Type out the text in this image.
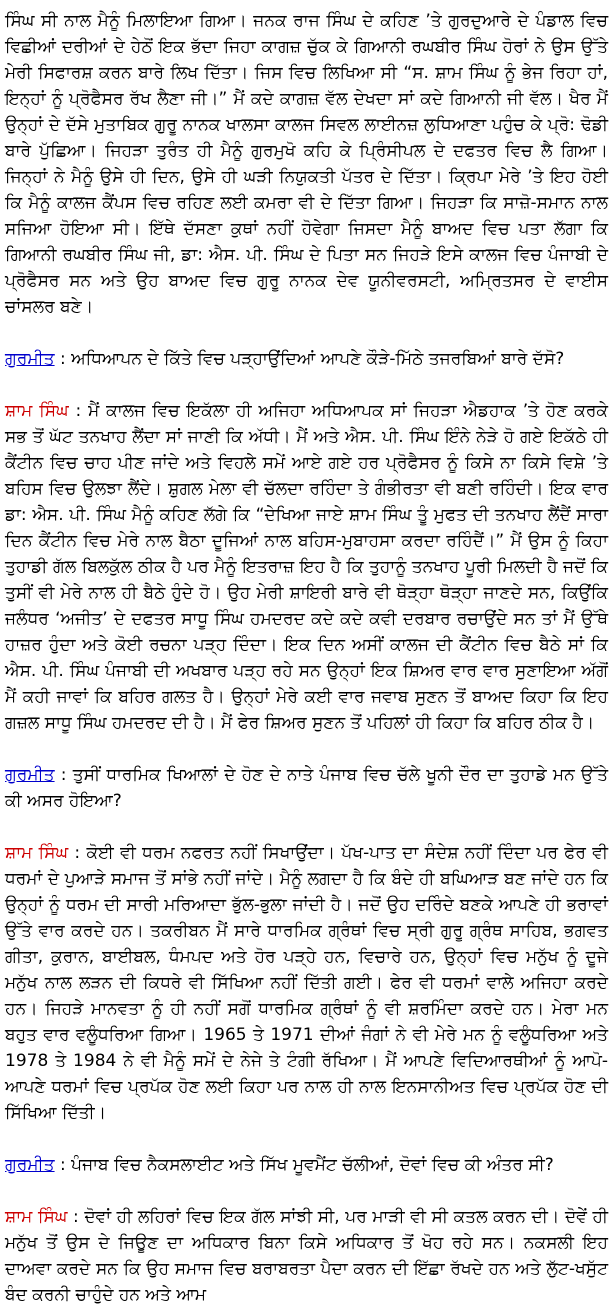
ਸਿੰਘ ਸੀ ਨਾਲ ਮੈਨੂੰ ਮਿਲਾਇਆ ਗਿਆ। ਜਨਕ ਰਾਜ ਸਿੰਘ ਦੇ ਕਹਿਣ ’ਤੇ ਗੁਰਦੁਆਰੇ ਦੇ ਪੰਡਾਲ ਵਿਚ ਵਿਛੀਆਂ ਦਰੀਆਂ ਦੇ ਹੇਠੋਂ ਇਕ ਭੱਦਾ ਜਿਹਾ ਕਾਗਜ਼ ਚੁੱਕ ਕੇ ਗਿਆਨੀ ਰਘਬੀਰ ਸਿੰਘ ਹੋਰਾਂ ਨੇ ਉਸ ਉੱਤੇ ਮੇਰੀ ਸਿਫਾਰਸ਼ ਕਰਨ ਬਾਰੇ ਲਿਖ ਦਿੱਤਾ। ਜਿਸ ਵਿਚ ਲਿਖਿਆ ਸੀ “ਸ. ਸ਼ਾਮ ਸਿੰਘ ਨੂੰ ਭੇਜ ਰਿਹਾ ਹਾਂ, ਇਨ੍ਹਾਂ ਨੂੰ ਪ੍ਰੋਫੈਸਰ ਰੱਖ ਲੈਣਾ ਜੀ।” ਮੈਂ ਕਦੇ ਕਾਗਜ਼ ਵੱਲ ਦੇਖਦਾ ਸਾਂ ਕਦੇ ਗਿਆਨੀ ਜੀ ਵੱਲ। ਖੈਰ ਮੈਂ ਉਨ੍ਹਾਂ ਦੇ ਦੱਸੇ ਮੁਤਾਬਿਕ ਗੁਰੂ ਨਾਨਕ ਖਾਲਸਾ ਕਾਲਜ ਸਿਵਲ ਲਾਈਨਜ਼ ਲੁਧਿਆਣਾ ਪਹੁੰਚ ਕੇ ਪ੍ਰੋ: ਢੋਡੀ ਬਾਰੇ ਪੁੱਛਿਆ। ਜਿਹੜਾ ਤੁਰੰਤ ਹੀ ਮੈਨੂੰ ਗੁਰਮੁਖੋ ਕਹਿ ਕੇ ਪ੍ਰਿੰਸੀਪਲ ਦੇ ਦਫਤਰ ਵਿਚ ਲੈ ਗਿਆ। ਜਿਨ੍ਹਾਂ ਨੇ ਮੈਨੂੰ ਉਸੇ ਹੀ ਦਿਨ, ਉਸੇ ਹੀ ਘੜੀ ਨਿਯੁਕਤੀ ਪੱਤਰ ਦੇ ਦਿੱਤਾ। ਕ੍ਰਿਪਾ ਮੇਰੇ ’ਤੇ ਇਹ ਹੋਈ ਕਿ ਮੈਨੂੰ ਕਾਲਜ ਕੈਂਪਸ ਵਿਚ ਰਹਿਣ ਲਈ ਕਮਰਾ ਵੀ ਦੇ ਦਿੱਤਾ ਗਿਆ। ਜਿਹੜਾ ਕਿ ਸਾਜ਼ੋ-ਸਮਾਨ ਨਾਲ ਸਜਿਆ ਹੋਇਆ ਸੀ। ਇੱਥੇ ਦੱਸਣਾ ਕੁਥਾਂ ਨਹੀਂ ਹੋਵੇਗਾ ਜਿਸਦਾ ਮੈਨੂੰ ਬਾਅਦ ਵਿਚ ਪਤਾ ਲੱਗਾ ਕਿ ਗਿਆਨੀ ਰਘਬੀਰ ਸਿੰਘ ਜੀ, ਡਾ: ਐਸ. ਪੀ. ਸਿੰਘ ਦੇ ਪਿਤਾ ਸਨ ਜਿਹੜੇ ਇਸੇ ਕਾਲਜ ਵਿਚ ਪੰਜਾਬੀ ਦੇ ਪ੍ਰੋਫੈਸਰ ਸਨ ਅਤੇ ਉਹ ਬਾਅਦ ਵਿਚ ਗੁਰੂ ਨਾਨਕ ਦੇਵ ਯੂਨੀਵਰਸਟੀ, ਅਮ੍ਰਿਤਸਰ ਦੇ ਵਾਈਸ ਚਾਂਸਲਰ ਬਣੇ।

ਗੁਰਮੀਤ : ਅਧਿਆਪਨ ਦੇ ਕਿੱਤੇ ਵਿਚ ਪੜ੍ਹਾਉਂਦਿਆਂ ਆਪਣੇ ਕੌੜੇ-ਮਿੱਠੇ ਤਜਰਬਿਆਂ ਬਾਰੇ ਦੱਸੋ?

ਸ਼ਾਮ ਸਿੰਘ : ਮੈਂ ਕਾਲਜ ਵਿਚ ਇਕੱਲਾ ਹੀ ਅਜਿਹਾ ਅਧਿਆਪਕ ਸਾਂ ਜਿਹੜਾ ਐਡਹਾਕ ’ਤੇ ਹੋਣ ਕਰਕੇ ਸਭ ਤੋਂ ਘੱਟ ਤਨਖਾਹ ਲੈਂਦਾ ਸਾਂ ਜਾਣੀ ਕਿ ਅੱਧੀ। ਮੈਂ ਅਤੇ ਐਸ. ਪੀ. ਸਿੰਘ ਇੰਨੇ ਨੇੜੇ ਹੋ ਗਏ ਇਕੱਠੇ ਹੀ ਕੈਂਟੀਨ ਵਿਚ ਚਾਹ ਪੀਣ ਜਾਂਦੇ ਅਤੇ ਵਿਹਲੇ ਸਮੇਂ ਆਏ ਗਏ ਹਰ ਪ੍ਰੋਫੈਸਰ ਨੂੰ ਕਿਸੇ ਨਾ ਕਿਸੇ ਵਿਸ਼ੇ ’ਤੇ ਬਹਿਸ ਵਿਚ ਉਲਝਾ ਲੈਂਦੇ। ਸ਼ੁਗਲ ਮੇਲਾ ਵੀ ਚੱਲਦਾ ਰਹਿੰਦਾ ਤੇ ਗੰਭੀਰਤਾ ਵੀ ਬਣੀ ਰਹਿੰਦੀ। ਇਕ ਵਾਰ ਡਾ: ਐਸ. ਪੀ. ਸਿੰਘ ਮੈਨੂੰ ਕਹਿਣ ਲੱਗੇ ਕਿ “ਦੇਖਿਆ ਜਾਏ ਸ਼ਾਮ ਸਿੰਘ ਤੂੰ ਮੁਫਤ ਦੀ ਤਨਖਾਹ ਲੈਂਦੈਂ ਸਾਰਾ ਦਿਨ ਕੈਂਟੀਨ ਵਿਚ ਮੇਰੇ ਨਾਲ ਬੈਠਾ ਦੂਜਿਆਂ ਨਾਲ ਬਹਿਸ-ਮੁਬਾਹਸਾ ਕਰਦਾ ਰਹਿੰਦੈਂ।” ਮੈਂ ਉਸ ਨੂੰ ਕਿਹਾ ਤੁਹਾਡੀ ਗੱਲ ਬਿਲਕੁੱਲ ਠੀਕ ਹੈ ਪਰ ਮੈਨੂੰ ਇਤਰਾਜ਼ ਇਹ ਹੈ ਕਿ ਤੁਹਾਨੂੰ ਤਨਖਾਹ ਪੂਰੀ ਮਿਲਦੀ ਹੈ ਜਦੋਂ ਕਿ ਤੁਸੀਂ ਵੀ ਮੇਰੇ ਨਾਲ ਹੀ ਬੈਠੇ ਹੁੰਦੇ ਹੋ। ਉਹ ਮੇਰੀ ਸ਼ਾਇਰੀ ਬਾਰੇ ਵੀ ਥੋੜ੍ਹਾ ਥੋੜ੍ਹਾ ਜਾਣਦੇ ਸਨ, ਕਿਉਂਕਿ ਜਲੰਧਰ ‘ਅਜੀਤ’ ਦੇ ਦਫਤਰ ਸਾਧੂ ਸਿੰਘ ਹਮਦਰਦ ਕਦੇ ਕਦੇ ਕਵੀ ਦਰਬਾਰ ਰਚਾਉਂਦੇ ਸਨ ਤਾਂ ਮੈਂ ਉੱਥੇ ਹਾਜ਼ਰ ਹੁੰਦਾ ਅਤੇ ਕੋਈ ਰਚਨਾ ਪੜ੍ਹ ਦਿੰਦਾ। ਇਕ ਦਿਨ ਅਸੀਂ ਕਾਲਜ ਦੀ ਕੈਂਟੀਨ ਵਿਚ ਬੈਠੇ ਸਾਂ ਕਿ ਐਸ. ਪੀ. ਸਿੰਘ ਪੰਜਾਬੀ ਦੀ ਅਖਬਾਰ ਪੜ੍ਹ ਰਹੇ ਸਨ ਉਨ੍ਹਾਂ ਇਕ ਸ਼ਿਅਰ ਵਾਰ ਵਾਰ ਸੁਣਾਇਆ ਅੱਗੋਂ ਮੈਂ ਕਹੀ ਜਾਵਾਂ ਕਿ ਬਹਿਰ ਗਲਤ ਹੈ। ਉਨ੍ਹਾਂ ਮੇਰੇ ਕਈ ਵਾਰ ਜਵਾਬ ਸੁਣਨ ਤੋਂ ਬਾਅਦ ਕਿਹਾ ਕਿ ਇਹ ਗਜ਼ਲ ਸਾਧੂ ਸਿੰਘ ਹਮਦਰਦ ਦੀ ਹੈ। ਮੈਂ ਫੇਰ ਸ਼ਿਅਰ ਸੁਣਨ ਤੋਂ ਪਹਿਲਾਂ ਹੀ ਕਿਹਾ ਕਿ ਬਹਿਰ ਠੀਕ ਹੈ।

ਗੁਰਮੀਤ : ਤੁਸੀਂ ਧਾਰਮਿਕ ਖਿਆਲਾਂ ਦੇ ਹੋਣ ਦੇ ਨਾਤੇ ਪੰਜਾਬ ਵਿਚ ਚੱਲੇ ਖੂਨੀ ਦੌਰ ਦਾ ਤੁਹਾਡੇ ਮਨ ਉੱਤੇ ਕੀ ਅਸਰ ਹੋਇਆ?

ਸ਼ਾਮ ਸਿੰਘ : ਕੋਈ ਵੀ ਧਰਮ ਨਫਰਤ ਨਹੀਂ ਸਿਖਾਉਂਦਾ। ਪੱਖ-ਪਾਤ ਦਾ ਸੰਦੇਸ਼ ਨਹੀਂ ਦਿੰਦਾ ਪਰ ਫੇਰ ਵੀ ਧਰਮਾਂ ਦੇ ਪੁਆੜੇ ਸਮਾਜ ਤੋਂ ਸਾਂਭੇ ਨਹੀਂ ਜਾਂਦੇ। ਮੈਨੂੰ ਲਗਦਾ ਹੈ ਕਿ ਬੰਦੇ ਹੀ ਬਘਿਆੜ ਬਣ ਜਾਂਦੇ ਹਨ ਕਿ ਉਨ੍ਹਾਂ ਨੂੰ ਧਰਮ ਦੀ ਸਾਰੀ ਮਰਿਆਦਾ ਭੁੱਲ-ਭੁਲਾ ਜਾਂਦੀ ਹੈ। ਜਦੋਂ ਉਹ ਦਰਿੰਦੇ ਬਣਕੇ ਆਪਣੇ ਹੀ ਭਰਾਵਾਂ ਉੱਤੇ ਵਾਰ ਕਰਦੇ ਹਨ। ਤਕਰੀਬਨ ਮੈਂ ਸਾਰੇ ਧਾਰਮਿਕ ਗ੍ਰੰਥਾਂ ਵਿਚ ਸ੍ਰੀ ਗੁਰੂ ਗ੍ਰੰਥ ਸਾਹਿਬ, ਭਗਵਤ ਗੀਤਾ, ਕੁਰਾਨ, ਬਾਈਬਲ, ਧੰਮਪਦ ਅਤੇ ਹੋਰ ਪੜ੍ਹੇ ਹਨ, ਵਿਚਾਰੇ ਹਨ, ਉਨ੍ਹਾਂ ਵਿਚ ਮਨੁੱਖ ਨੂੰ ਦੂਜੇ ਮਨੁੱਖ ਨਾਲ ਲੜਨ ਦੀ ਕਿਧਰੇ ਵੀ ਸਿੱਖਿਆ ਨਹੀਂ ਦਿੱਤੀ ਗਈ। ਫੇਰ ਵੀ ਧਰਮਾਂ ਵਾਲੇ ਅਜਿਹਾ ਕਰਦੇ ਹਨ। ਜਿਹੜੇ ਮਾਨਵਤਾ ਨੂੰ ਹੀ ਨਹੀਂ ਸਗੋਂ ਧਾਰਮਿਕ ਗ੍ਰੰਥਾਂ ਨੂੰ ਵੀ ਸ਼ਰਮਿੰਦਾ ਕਰਦੇ ਹਨ। ਮੇਰਾ ਮਨ ਬਹੁਤ ਵਾਰ ਵਲੂੰਧਰਿਆ ਗਿਆ। 1965 ਤੇ 1971 ਦੀਆਂ ਜੰਗਾਂ ਨੇ ਵੀ ਮੇਰੇ ਮਨ ਨੂੰ ਵਲੂੰਧਰਿਆ ਅਤੇ 1978 ਤੇ 1984 ਨੇ ਵੀ ਮੈਨੂੰ ਸਮੇਂ ਦੇ ਨੇਜੇ ਤੇ ਟੰਗੀ ਰੱਖਿਆ। ਮੈਂ ਆਪਣੇ ਵਿਦਿਆਰਥੀਆਂ ਨੂੰ ਆਪੋ-ਆਪਣੇ ਧਰਮਾਂ ਵਿਚ ਪ੍ਰਪੱਕ ਹੋਣ ਲਈ ਕਿਹਾ ਪਰ ਨਾਲ ਹੀ ਨਾਲ ਇਨਸਾਨੀਅਤ ਵਿਚ ਪ੍ਰਪੱਕ ਹੋਣ ਦੀ ਸਿੱਖਿਆ ਦਿੱਤੀ।

ਗੁਰਮੀਤ : ਪੰਜਾਬ ਵਿਚ ਨੈਕਸਲਾਈਟ ਅਤੇ ਸਿੱਖ ਮੂਵਮੈਂਟ ਚੱਲੀਆਂ, ਦੋਵਾਂ ਵਿਚ ਕੀ ਅੰਤਰ ਸੀ?

ਸ਼ਾਮ ਸਿੰਘ : ਦੋਵਾਂ ਹੀ ਲਹਿਰਾਂ ਵਿਚ ਇਕ ਗੱਲ ਸਾਂਝੀ ਸੀ, ਪਰ ਮਾੜੀ ਵੀ ਸੀ ਕਤਲ ਕਰਨ ਦੀ। ਦੋਵੇਂ ਹੀ ਮਨੁੱਖ ਤੋਂ ਉਸ ਦੇ ਜਿਊਣ ਦਾ ਅਧਿਕਾਰ ਬਿਨਾ ਕਿਸੇ ਅਧਿਕਾਰ ਤੋਂ ਖੋਹ ਰਹੇ ਸਨ। ਨਕਸਲੀ ਇਹ ਦਾਅਵਾ ਕਰਦੇ ਸਨ ਕਿ ਉਹ ਸਮਾਜ ਵਿਚ ਬਰਾਬਰਤਾ ਪੈਦਾ ਕਰਨ ਦੀ ਇੱਛਾ ਰੱਖਦੇ ਹਨ ਅਤੇ ਲੁੱਟ-ਖਸੁੱਟ ਬੰਦ ਕਰਨੀ ਚਾਹੁੰਦੇ ਹਨ ਅਤੇ ਆਮ
